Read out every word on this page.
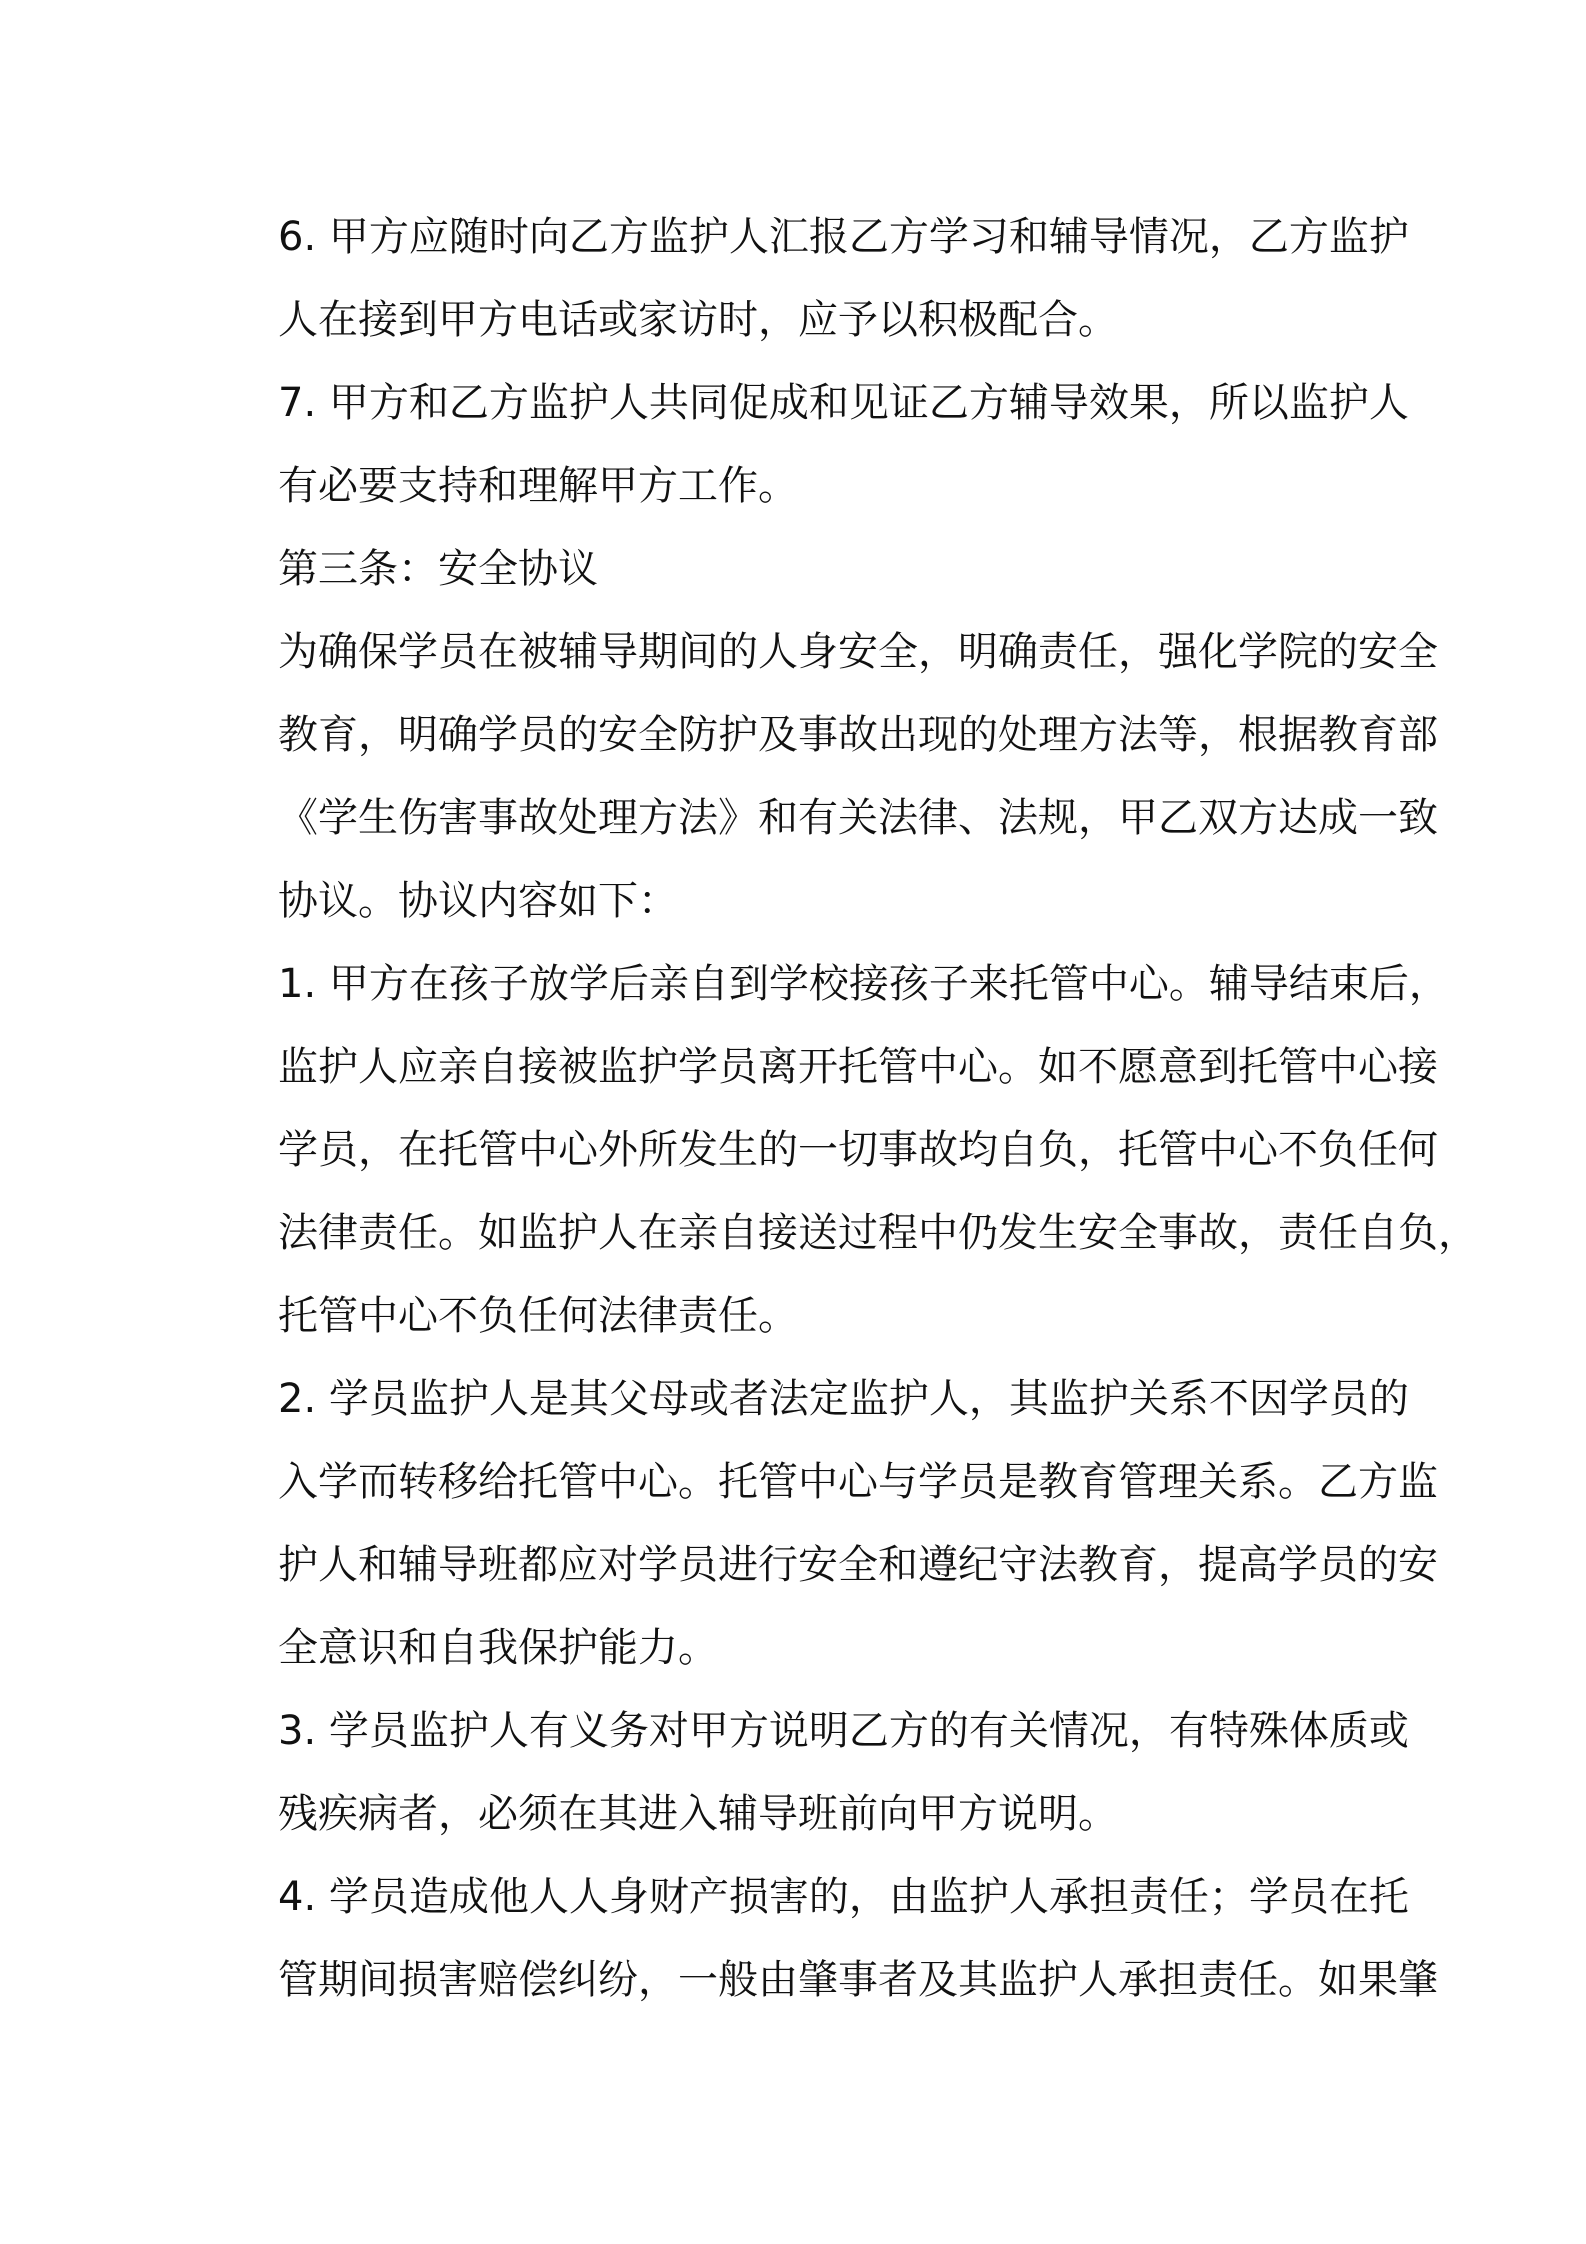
6. 甲方应随时向乙方监护人汇报乙方学习和辅导情况，乙方监护
人在接到甲方电话或家访时，应予以积极配合。
7. 甲方和乙方监护人共同促成和见证乙方辅导效果，所以监护人
有必要支持和理解甲方工作。
第三条：安全协议
为确保学员在被辅导期间的人身安全，明确责任，强化学院的安全
教育，明确学员的安全防护及事故出现的处理方法等，根据教育部
《学生伤害事故处理方法》和有关法律、法规，甲乙双方达成一致
协议。协议内容如下：
1. 甲方在孩子放学后亲自到学校接孩子来托管中心。辅导结束后，
监护人应亲自接被监护学员离开托管中心。如不愿意到托管中心接
学员，在托管中心外所发生的一切事故均自负，托管中心不负任何
法律责任。如监护人在亲自接送过程中仍发生安全事故，责任自负，
托管中心不负任何法律责任。
2. 学员监护人是其父母或者法定监护人，其监护关系不因学员的
入学而转移给托管中心。托管中心与学员是教育管理关系。乙方监
护人和辅导班都应对学员进行安全和遵纪守法教育，提高学员的安
全意识和自我保护能力。
3. 学员监护人有义务对甲方说明乙方的有关情况，有特殊体质或
残疾病者，必须在其进入辅导班前向甲方说明。
4. 学员造成他人人身财产损害的，由监护人承担责任；学员在托
管期间损害赔偿纠纷，一般由肇事者及其监护人承担责任。如果肇
